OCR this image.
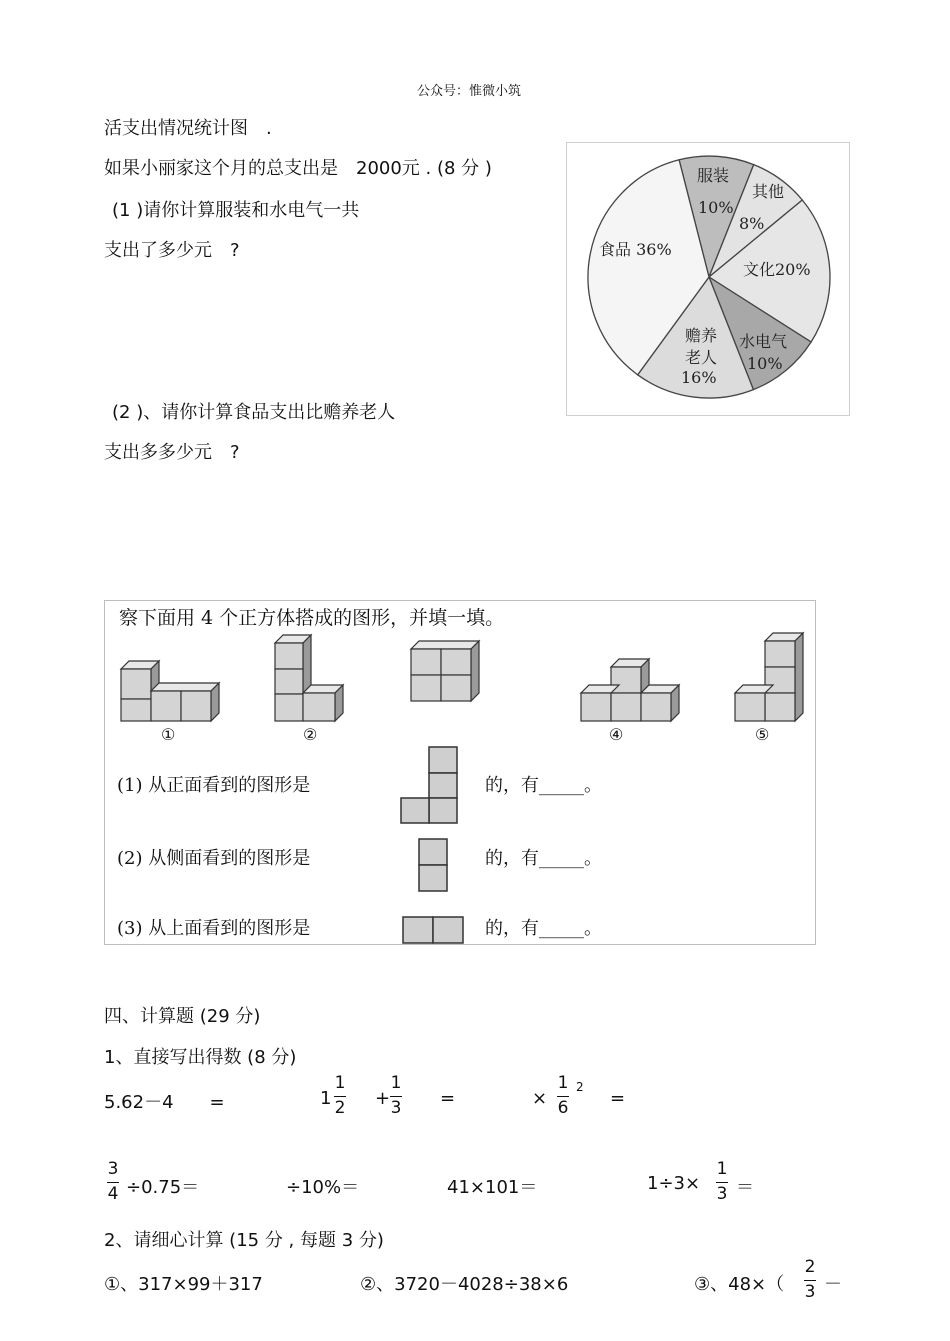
公众号：惟微小筑
活支出情况统计图　.
如果小丽家这个月的总支出是　2000元 . (8 分 )
(1 )请你计算服装和水电气一共
支出了多少元　?
(2 )、请你计算食品支出比赡养老人
支出多多少元　?
服装
10%
其他
8%
文化20%
水电气
10%
赡养
老人
16%
食品 36%
察下面用 4 个正方体搭成的图形，并填一填。
①	②	④	⑤
(1) 从正面看到的图形是	的，有_____。
(2) 从侧面看到的图形是	的，有_____。
(3) 从上面看到的图形是	的，有_____。
四、计算题 (29 分)
1、直接写出得数 (8 分)
5.62－4　　=	1
1
2 +
1
3 =	×
1
6
2
=
3
4 ÷0.75＝	÷10%＝	41×101＝	1÷3×
1
3 ＝
2、请细心计算 (15 分 , 每题 3 分)
①、317×99＋317	②、3720－4028÷38×6	③、48×（
2
3 －
